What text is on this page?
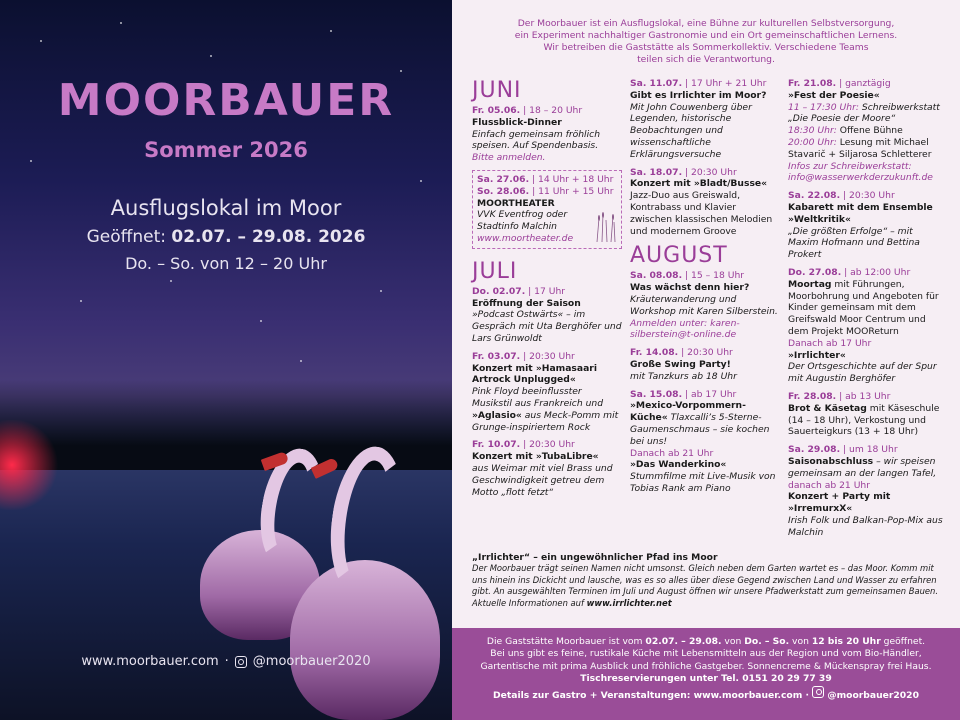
MOORBAUER
Sommer 2026
Ausflugslokal im Moor
Geöffnet: 02.07. – 29.08. 2026
Do. – So. von 12 – 20 Uhr
www.moorbauer.com · @moorbauer2020
Der Moorbauer ist ein Ausflugslokal, eine Bühne zur kulturellen Selbstversorgung,
ein Experiment nachhaltiger Gastronomie und ein Ort gemeinschaftlichen Lernens.
Wir betreiben die Gaststätte als Sommerkollektiv. Verschiedene Teams
teilen sich die Verantwortung.
JUNI
Fr. 05.06. | 18 – 20 Uhr
Flussblick-Dinner
Einfach gemeinsam fröhlich speisen. Auf Spendenbasis.
Bitte anmelden.
Sa. 27.06. | 14 Uhr + 18 Uhr
So. 28.06. | 11 Uhr + 15 Uhr
MOORTHEATER
VVK Eventfrog oder Stadtinfo Malchin
www.moortheater.de
JULI
Do. 02.07. | 17 Uhr
Eröffnung der Saison
»Podcast Ostwärts« – im Gespräch mit Uta Berghöfer und Lars Grünwoldt
Fr. 03.07. | 20:30 Uhr
Konzert mit »Hamasaari Artrock Unplugged«
Pink Floyd beeinflusster Musikstil aus Frankreich und »Aglasio« aus Meck-Pomm mit Grunge-inspiriertem Rock
Fr. 10.07. | 20:30 Uhr
Konzert mit »TubaLibre«
aus Weimar mit viel Brass und Geschwindigkeit getreu dem Motto „flott fetzt“
Sa. 11.07. | 17 Uhr + 21 Uhr
Gibt es Irrlichter im Moor?
Mit John Couwenberg über Legenden, historische Beobachtungen und wissenschaftliche Erklärungsversuche
Sa. 18.07. | 20:30 Uhr
Konzert mit »Bladt/Busse«
Jazz-Duo aus Greiswald, Kontrabass und Klavier zwischen klassischen Melodien und modernem Groove
AUGUST
Sa. 08.08. | 15 – 18 Uhr
Was wächst denn hier?
Kräuterwanderung und Workshop mit Karen Silberstein.
Anmelden unter: karen-silberstein@t-online.de
Fr. 14.08. | 20:30 Uhr
Große Swing Party!
mit Tanzkurs ab 18 Uhr
Sa. 15.08. | ab 17 Uhr
»Mexico-Vorpommern-Küche« Tlaxcalli’s 5-Sterne-Gaumenschmaus – sie kochen bei uns!
Danach ab 21 Uhr
»Das Wanderkino«
Stummfilme mit Live-Musik von Tobias Rank am Piano
Fr. 21.08. | ganztägig
»Fest der Poesie«
11 – 17:30 Uhr: Schreibwerkstatt „Die Poesie der Moore“
18:30 Uhr: Offene Bühne
20:00 Uhr: Lesung mit Michael Stavarič + Siljarosa Schletterer
Infos zur Schreibwerkstatt: info@wasserwerkderzukunft.de
Sa. 22.08. | 20:30 Uhr
Kabarett mit dem Ensemble »Weltkritik«
„Die größten Erfolge“ – mit Maxim Hofmann und Bettina Prokert
Do. 27.08. | ab 12:00 Uhr
Moortag mit Führungen, Moorbohrung und Angeboten für Kinder gemeinsam mit dem Greifswald Moor Centrum und dem Projekt MOOReturn
Danach ab 17 Uhr
»Irrlichter«
Der Ortsgeschichte auf der Spur mit Augustin Berghöfer
Fr. 28.08. | ab 13 Uhr
Brot & Käsetag mit Käseschule (14 – 18 Uhr), Verkostung und Sauerteigkurs (13 + 18 Uhr)
Sa. 29.08. | um 18 Uhr
Saisonabschluss – wir speisen gemeinsam an der langen Tafel, danach ab 21 Uhr
Konzert + Party mit »IrremurxX«
Irish Folk und Balkan-Pop-Mix aus Malchin
„Irrlichter“ – ein ungewöhnlicher Pfad ins Moor
Der Moorbauer trägt seinen Namen nicht umsonst. Gleich neben dem Garten wartet es – das Moor. Komm mit uns hinein ins Dickicht und lausche, was es so alles über diese Gegend zwischen Land und Wasser zu erfahren gibt. An ausgewählten Terminen im Juli und August öffnen wir unsere Pfadwerkstatt zum gemeinsamen Bauen. Aktuelle Informationen auf www.irrlichter.net
Die Gaststätte Moorbauer ist vom 02.07. – 29.08. von Do. – So. von 12 bis 20 Uhr geöffnet.
Bei uns gibt es feine, rustikale Küche mit Lebensmitteln aus der Region und vom Bio-Händler,
Gartentische mit prima Ausblick und fröhliche Gastgeber. Sonnencreme & Mückenspray frei Haus.
Tischreservierungen unter Tel. 0151 20 29 77 39
Details zur Gastro + Veranstaltungen: www.moorbauer.com · @moorbauer2020
